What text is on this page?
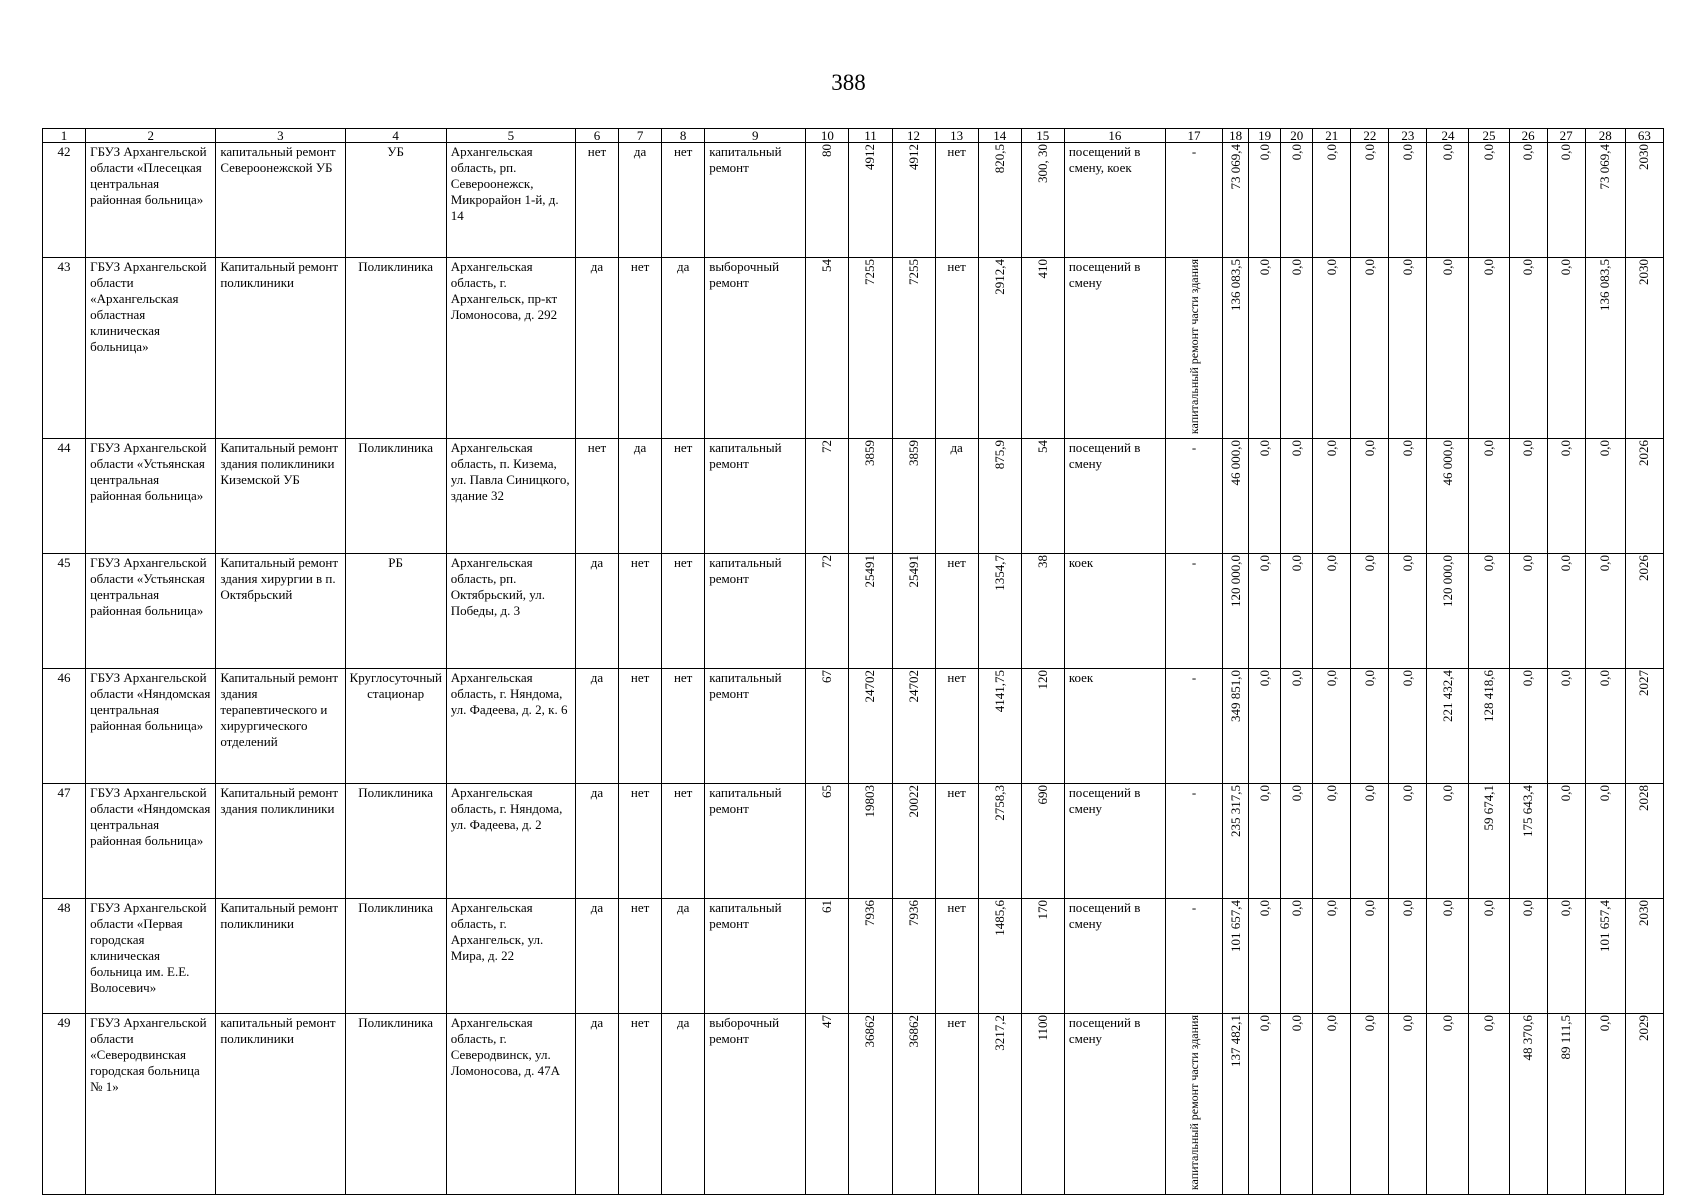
388
1	2	3	4	5	6	7	8	9	10	11	12	13	14	15	16	17	18	19	20	21	22	23	24	25	26	27	28	63
42	ГБУЗ Архангельской области «Плесецкая центральная районная больница»	капитальный ремонт Североонежской УБ	УБ	Архангельская область, рп. Североонежск, Микрорайон 1-й, д. 14	нет	да	нет	капитальный ремонт	80	4912	4912	нет	820,5	300, 30	посещений в смену, коек	-	73 069,4	0,0	0,0	0,0	0,0	0,0	0,0	0,0	0,0	0,0	73 069,4	2030
43	ГБУЗ Архангельской области «Архангельская областная клиническая больница»	Капитальный ремонт поликлиники	Поликлиника	Архангельская область, г. Архангельск, пр-кт Ломоносова, д. 292	да	нет	да	выборочный ремонт	54	7255	7255	нет	2912,4	410	посещений в смену	капитальный ремонт части здания	136 083,5	0,0	0,0	0,0	0,0	0,0	0,0	0,0	0,0	0,0	136 083,5	2030
44	ГБУЗ Архангельской области «Устьянская центральная районная больница»	Капитальный ремонт здания поликлиники Киземской УБ	Поликлиника	Архангельская область, п. Кизема, ул. Павла Синицкого, здание 32	нет	да	нет	капитальный ремонт	72	3859	3859	да	875,9	54	посещений в смену	-	46 000,0	0,0	0,0	0,0	0,0	0,0	46 000,0	0,0	0,0	0,0	0,0	2026
45	ГБУЗ Архангельской области «Устьянская центральная районная больница»	Капитальный ремонт здания хирургии в п. Октябрьский	РБ	Архангельская область, рп. Октябрьский, ул. Победы, д. 3	да	нет	нет	капитальный ремонт	72	25491	25491	нет	1354,7	38	коек	-	120 000,0	0,0	0,0	0,0	0,0	0,0	120 000,0	0,0	0,0	0,0	0,0	2026
46	ГБУЗ Архангельской области «Няндомская центральная районная больница»	Капитальный ремонт здания терапевтического и хирургического отделений	Круглосуточный стационар	Архангельская область, г. Няндома, ул. Фадеева, д. 2, к. 6	да	нет	нет	капитальный ремонт	67	24702	24702	нет	4141,75	120	коек	-	349 851,0	0,0	0,0	0,0	0,0	0,0	221 432,4	128 418,6	0,0	0,0	0,0	2027
47	ГБУЗ Архангельской области «Няндомская центральная районная больница»	Капитальный ремонт здания поликлиники	Поликлиника	Архангельская область, г. Няндома, ул. Фадеева, д. 2	да	нет	нет	капитальный ремонт	65	19803	20022	нет	2758,3	690	посещений в смену	-	235 317,5	0,0	0,0	0,0	0,0	0,0	0,0	59 674,1	175 643,4	0,0	0,0	2028
48	ГБУЗ Архангельской области «Первая городская клиническая больница им. Е.Е. Волосевич»	Капитальный ремонт поликлиники	Поликлиника	Архангельская область, г. Архангельск, ул. Мира, д. 22	да	нет	да	капитальный ремонт	61	7936	7936	нет	1485,6	170	посещений в смену	-	101 657,4	0,0	0,0	0,0	0,0	0,0	0,0	0,0	0,0	0,0	101 657,4	2030
49	ГБУЗ Архангельской области «Северодвинская городская больница № 1»	капитальный ремонт поликлиники	Поликлиника	Архангельская область, г. Северодвинск, ул. Ломоносова, д. 47А	да	нет	да	выборочный ремонт	47	36862	36862	нет	3217,2	1100	посещений в смену	капитальный ремонт части здания	137 482,1	0,0	0,0	0,0	0,0	0,0	0,0	0,0	48 370,6	89 111,5	0,0	2029
